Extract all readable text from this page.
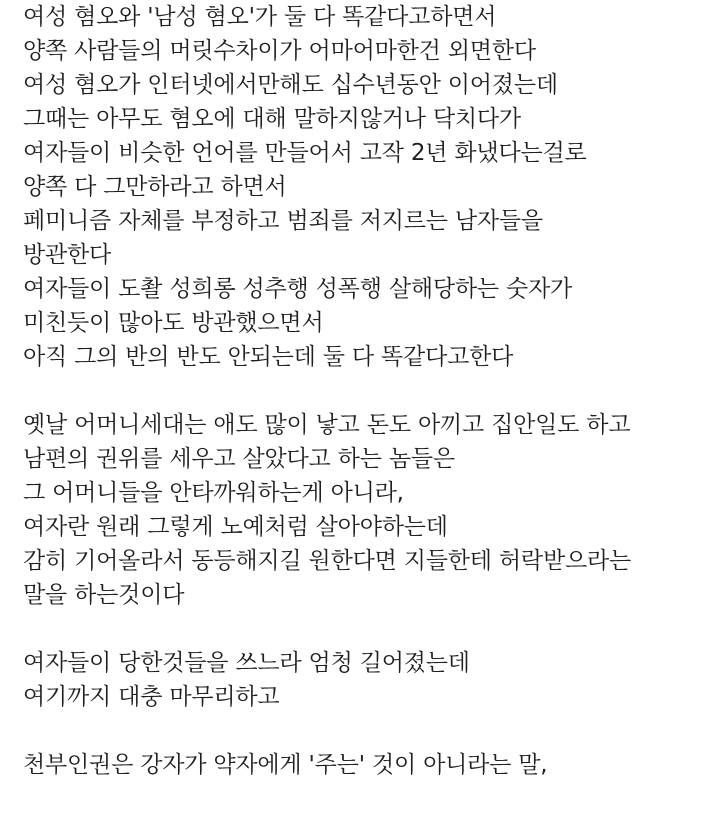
여성 혐오와 '남성 혐오'가 둘 다 똑같다고하면서
양쪽 사람들의 머릿수차이가 어마어마한건 외면한다
여성 혐오가 인터넷에서만해도 십수년동안 이어졌는데
그때는 아무도 혐오에 대해 말하지않거나 닥치다가
여자들이 비슷한 언어를 만들어서 고작 2년 화냈다는걸로
양쪽 다 그만하라고 하면서
페미니즘 자체를 부정하고 범죄를 저지르는 남자들을
방관한다
여자들이 도촬 성희롱 성추행 성폭행 살해당하는 숫자가
미친듯이 많아도 방관했으면서
아직 그의 반의 반도 안되는데 둘 다 똑같다고한다
옛날 어머니세대는 애도 많이 낳고 돈도 아끼고 집안일도 하고
남편의 권위를 세우고 살았다고 하는 놈들은
그 어머니들을 안타까워하는게 아니라,
여자란 원래 그렇게 노예처럼 살아야하는데
감히 기어올라서 동등해지길 원한다면 지들한테 허락받으라는
말을 하는것이다
여자들이 당한것들을 쓰느라 엄청 길어졌는데
여기까지 대충 마무리하고
천부인권은 강자가 약자에게 '주는' 것이 아니라는 말,
